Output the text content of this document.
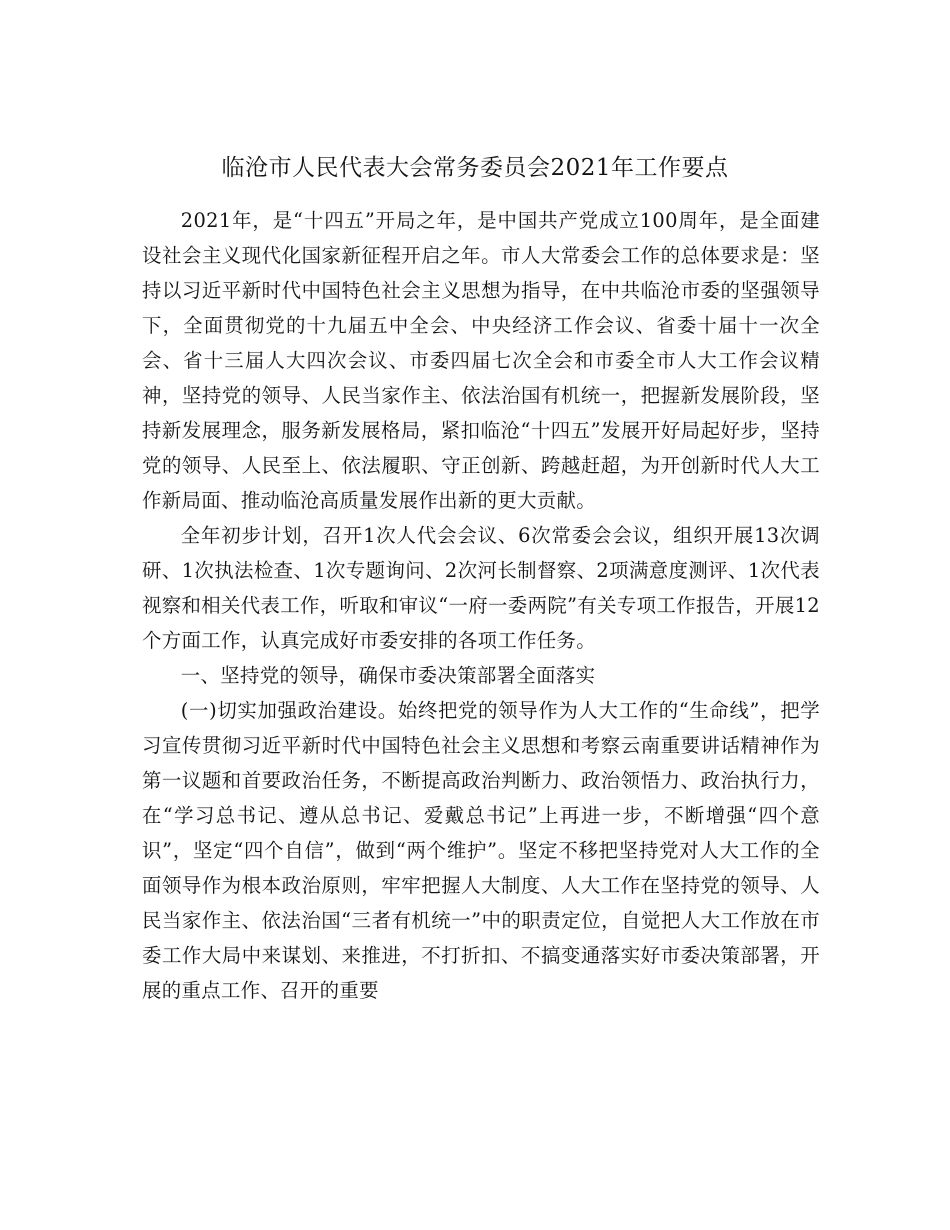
临沧市人民代表大会常务委员会2021年工作要点

2021年，是“十四五”开局之年，是中国共产党成立100周年，是全面建设社会主义现代化国家新征程开启之年。市人大常委会工作的总体要求是：坚持以习近平新时代中国特色社会主义思想为指导，在中共临沧市委的坚强领导下，全面贯彻党的十九届五中全会、中央经济工作会议、省委十届十一次全会、省十三届人大四次会议、市委四届七次全会和市委全市人大工作会议精神，坚持党的领导、人民当家作主、依法治国有机统一，把握新发展阶段，坚持新发展理念，服务新发展格局，紧扣临沧“十四五”发展开好局起好步，坚持党的领导、人民至上、依法履职、守正创新、跨越赶超，为开创新时代人大工作新局面、推动临沧高质量发展作出新的更大贡献。

全年初步计划，召开1次人代会会议、6次常委会会议，组织开展13次调研、1次执法检查、1次专题询问、2次河长制督察、2项满意度测评、1次代表视察和相关代表工作，听取和审议“一府一委两院”有关专项工作报告，开展12个方面工作，认真完成好市委安排的各项工作任务。

一、坚持党的领导，确保市委决策部署全面落实

(一)切实加强政治建设。始终把党的领导作为人大工作的“生命线”，把学习宣传贯彻习近平新时代中国特色社会主义思想和考察云南重要讲话精神作为第一议题和首要政治任务，不断提高政治判断力、政治领悟力、政治执行力，在“学习总书记、遵从总书记、爱戴总书记”上再进一步，不断增强“四个意识”，坚定“四个自信”，做到“两个维护”。坚定不移把坚持党对人大工作的全面领导作为根本政治原则，牢牢把握人大制度、人大工作在坚持党的领导、人民当家作主、依法治国“三者有机统一”中的职责定位，自觉把人大工作放在市委工作大局中来谋划、来推进，不打折扣、不搞变通落实好市委决策部署，开展的重点工作、召开的重要
